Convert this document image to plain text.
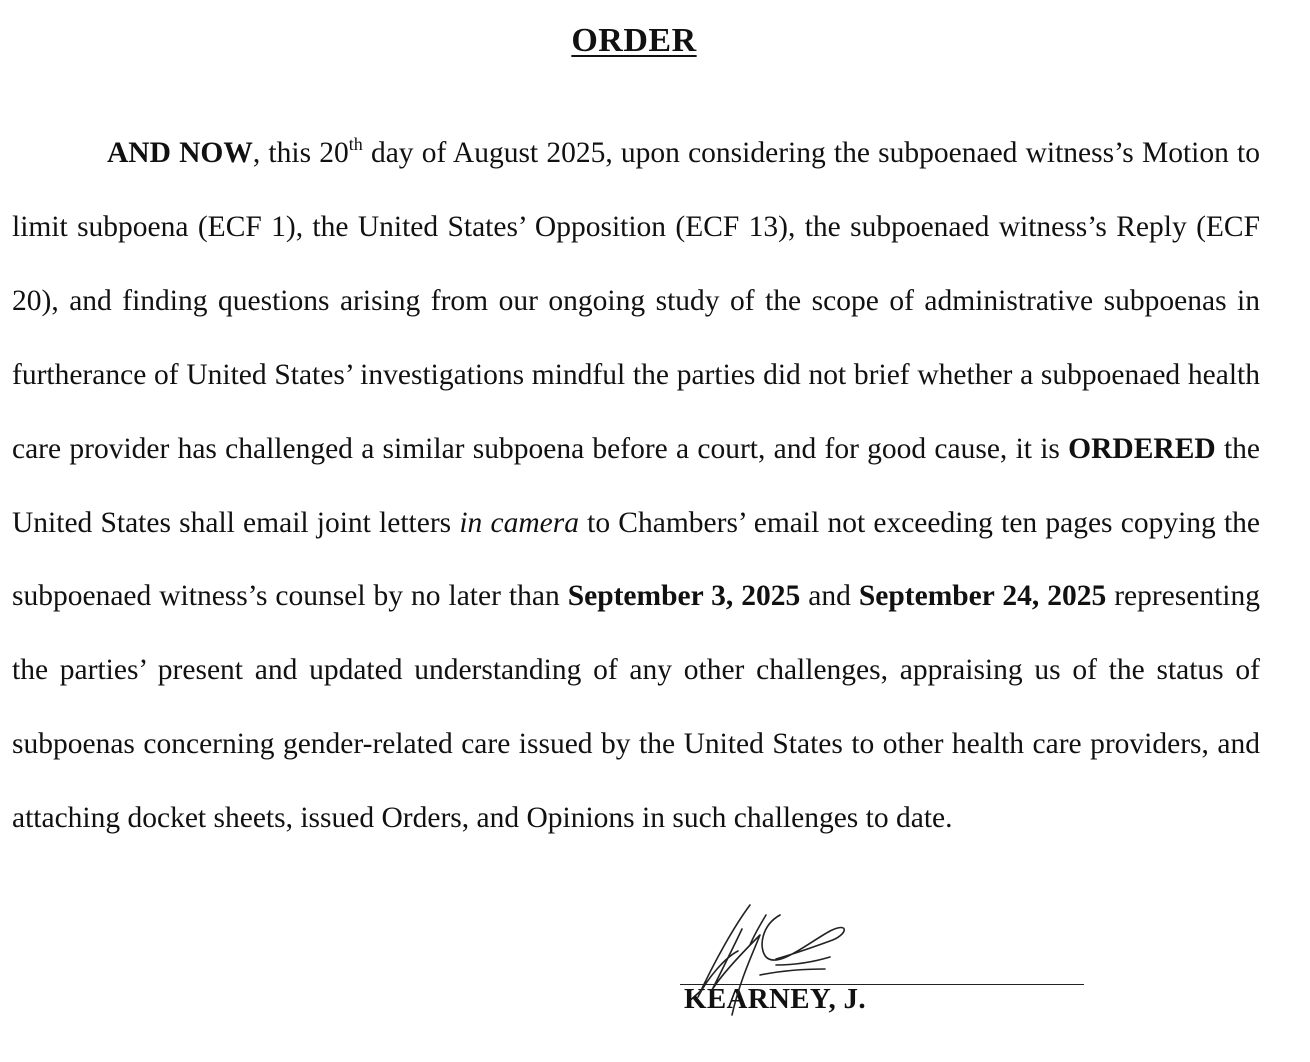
ORDER

AND NOW, this 20th day of August 2025, upon considering the subpoenaed witness’s Motion to limit subpoena (ECF 1), the United States’ Opposition (ECF 13), the subpoenaed witness’s Reply (ECF 20), and finding questions arising from our ongoing study of the scope of administrative subpoenas in furtherance of United States’ investigations mindful the parties did not brief whether a subpoenaed health care provider has challenged a similar subpoena before a court, and for good cause, it is ORDERED the United States shall email joint letters in camera to Chambers’ email not exceeding ten pages copying the subpoenaed witness’s counsel by no later than September 3, 2025 and September 24, 2025 representing the parties’ present and updated understanding of any other challenges, appraising us of the status of subpoenas concerning gender-related care issued by the United States to other health care providers, and attaching docket sheets, issued Orders, and Opinions in such challenges to date.

KEARNEY, J.
